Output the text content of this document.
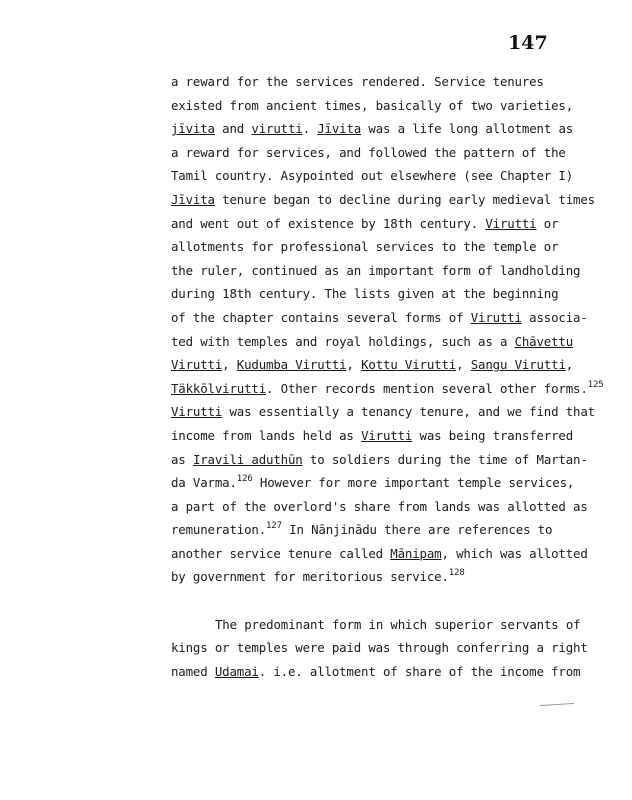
147
a reward for the services rendered. Service tenures
existed from ancient times, basically of two varieties,
jīvita and virutti. Jīvita was a life long allotment as
a reward for services, and followed the pattern of the
Tamil country. Asypointed out elsewhere (see Chapter I)
Jīvita tenure began to decline during early medieval times
and went out of existence by 18th century. Virutti or
allotments for professional services to the temple or
the ruler, continued as an important form of landholding
during 18th century. The lists given at the beginning
of the chapter contains several forms of Virutti associa-
ted with temples and royal holdings, such as a Chāvettu
Virutti, Kudumba Virutti, Kottu Virutti, Sangu Virutti,
Täkkōlvirutti. Other records mention several other forms.$^{125}$
Virutti was essentially a tenancy tenure, and we find that
income from lands held as Virutti was being transferred
as Iravili aduthūn to soldiers during the time of Martan-
da Varma.$^{126}$ However for more important temple services,
a part of the overlord's share from lands was allotted as
remuneration.$^{127}$ In Nānjinādu there are references to
another service tenure called Mānipam, which was allotted
by government for meritorious service.$^{128}$
The predominant form in which superior servants of
kings or temples were paid was through conferring a right
named Udamai. i.e. allotment of share of the income from
